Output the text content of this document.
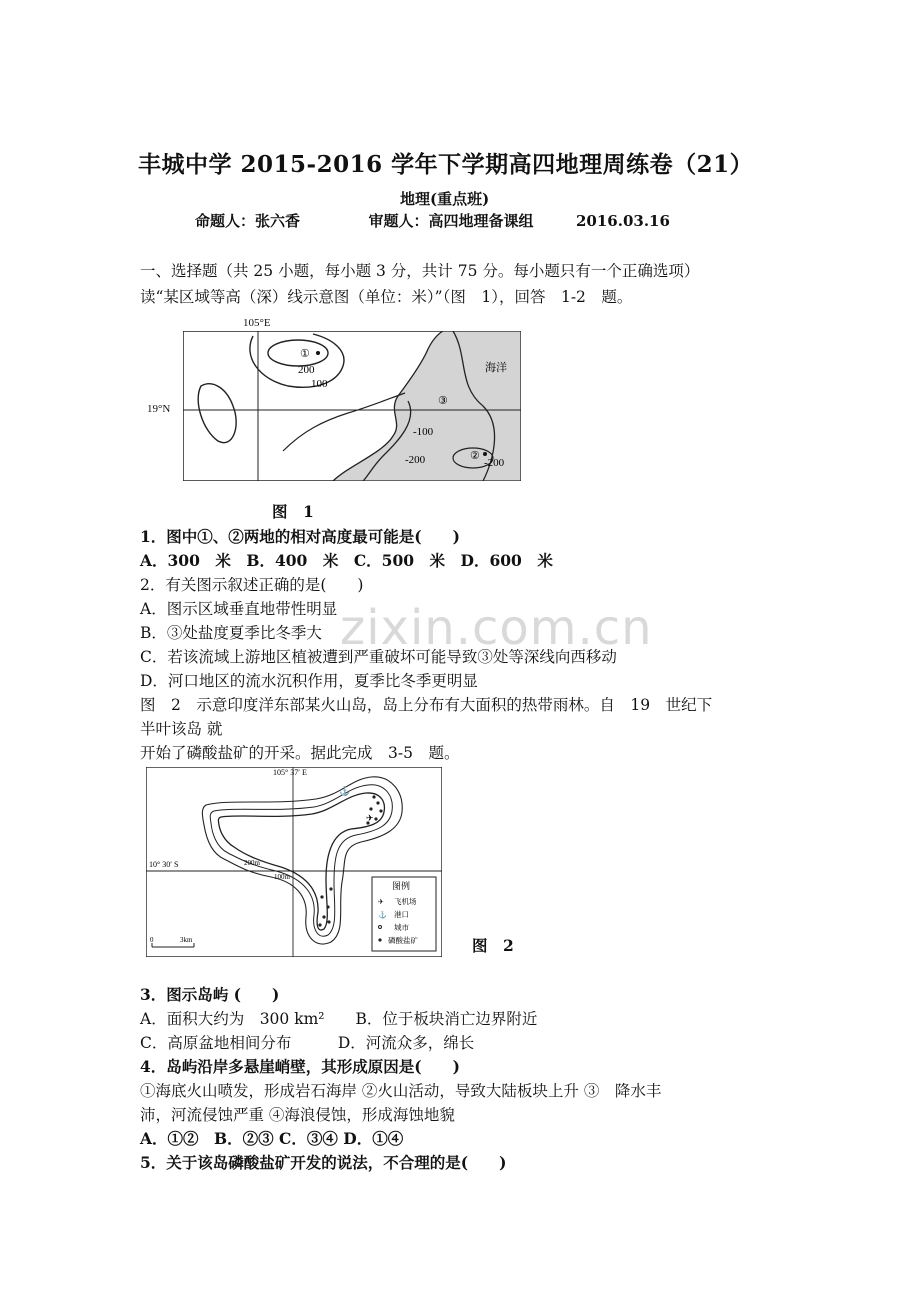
zixin.com.cn
丰城中学 2015-2016 学年下学期高四地理周练卷（21）
地理(重点班)
命题人：张六香	审题人：高四地理备课组	2016.03.16
一、选择题（共 25 小题，每小题 3 分，共计 75 分。每小题只有一个正确选项）
读“某区域等高（深）线示意图（单位：米）”（图　1），回答　1-2　题。
105°E
19°N
①
200
100
海洋
③
-100
-200	②
-200
图　1
1．图中①、②两地的相对高度最可能是(　　)
A．300　米　B．400　米　C．500　米　D．600　米
2．有关图示叙述正确的是(　　)
A．图示区域垂直地带性明显
B．③处盐度夏季比冬季大
C．若该流域上游地区植被遭到严重破坏可能导致③处等深线向西移动
D．河口地区的流水沉积作用，夏季比冬季更明显
图　2　示意印度洋东部某火山岛，岛上分布有大面积的热带雨林。自　19　世纪下
半叶该岛 就
开始了磷酸盐矿的开采。据此完成　3-5　题。
⚓
✈
105° 37′ E
10° 30′ S	200m
100m
0	3km
图例
✈ 飞机场
⚓ 港口
城市
磷酸盐矿	图　2
3．图示岛屿 (　　)
A．面积大约为　300 km²　　B．位于板块消亡边界附近
C．高原盆地相间分布　　　D．河流众多，绵长
4．岛屿沿岸多悬崖峭壁，其形成原因是(　　)
①海底火山喷发，形成岩石海岸 ②火山活动，导致大陆板块上升 ③　降水丰
沛，河流侵蚀严重 ④海浪侵蚀，形成海蚀地貌
A．①②　B．②③ C．③④ D．①④
5．关于该岛磷酸盐矿开发的说法，不合理的是(　　)
